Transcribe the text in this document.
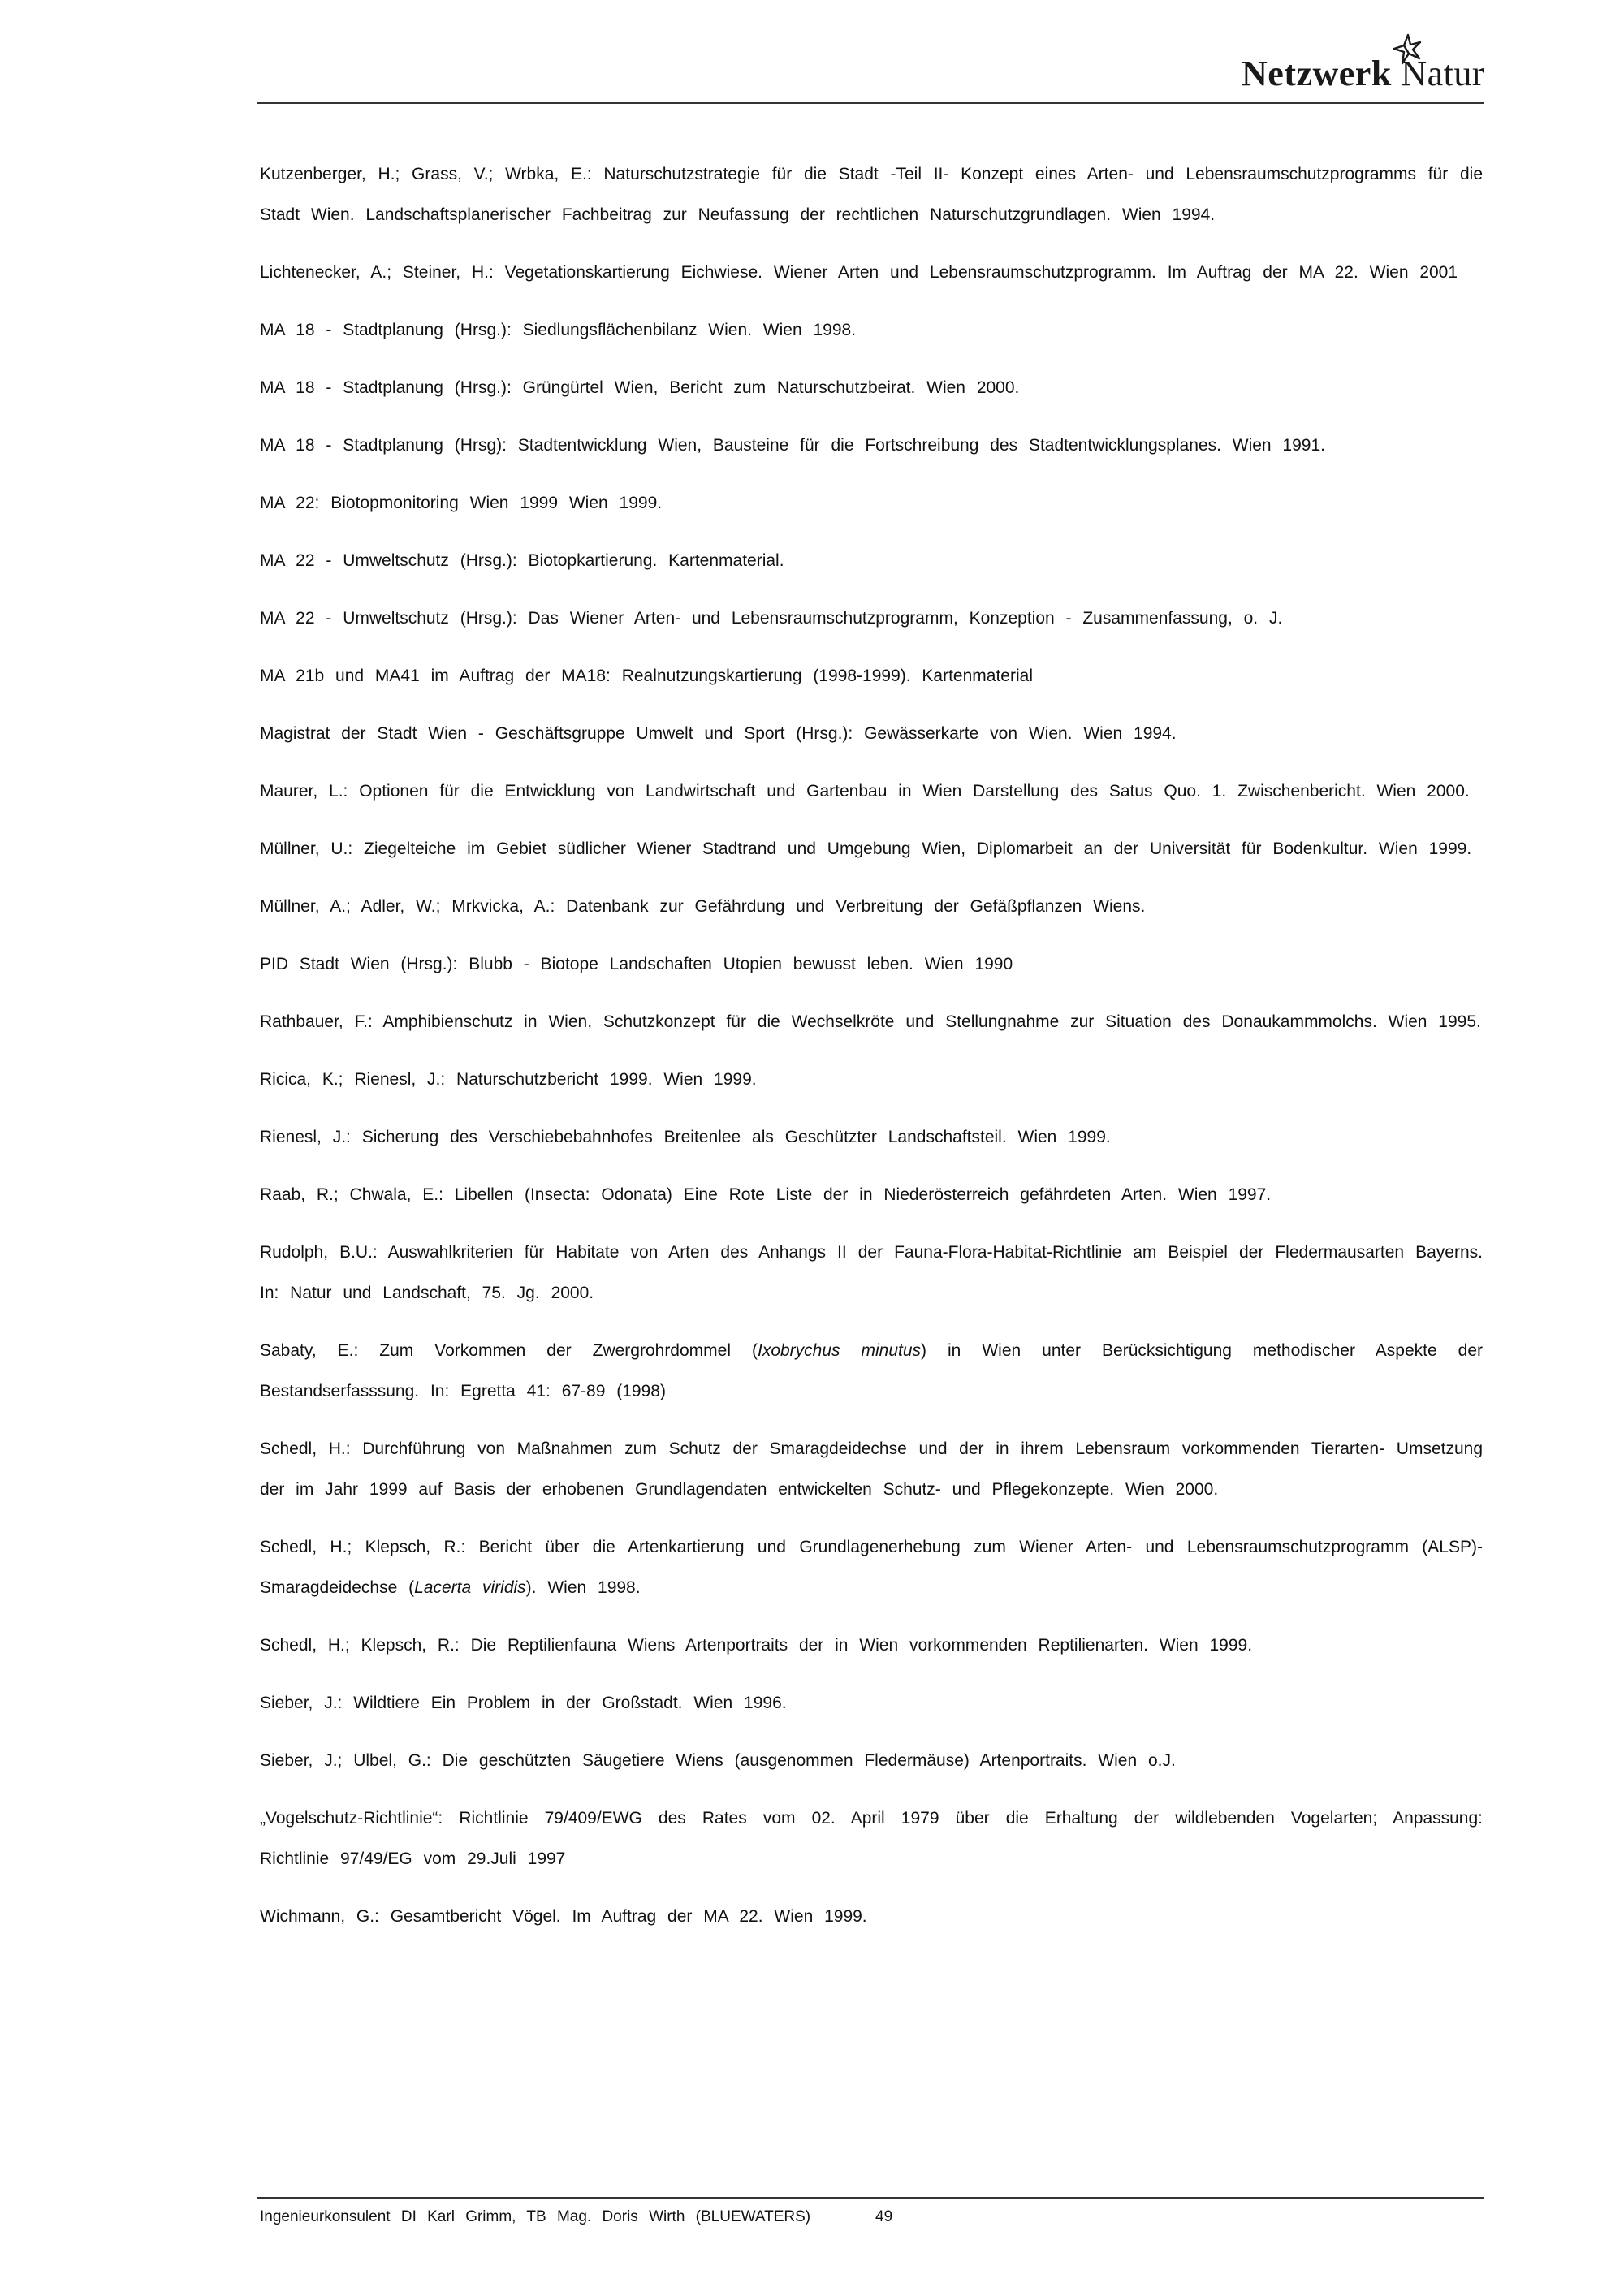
Netzwerk Natur
Kutzenberger, H.; Grass, V.; Wrbka, E.: Naturschutzstrategie für die Stadt -Teil II- Konzept eines Arten- und Lebensraumschutzprogramms für die Stadt Wien. Landschaftsplanerischer Fachbeitrag zur Neufassung der rechtlichen Naturschutzgrundlagen. Wien 1994.
Lichtenecker, A.; Steiner, H.: Vegetationskartierung Eichwiese. Wiener Arten und Lebensraumschutzprogramm. Im Auftrag der MA 22. Wien 2001
MA 18 - Stadtplanung (Hrsg.): Siedlungsflächenbilanz Wien. Wien 1998.
MA 18 - Stadtplanung (Hrsg.): Grüngürtel Wien, Bericht zum Naturschutzbeirat. Wien 2000.
MA 18 - Stadtplanung (Hrsg): Stadtentwicklung Wien, Bausteine für die Fortschreibung des Stadtentwicklungsplanes. Wien 1991.
MA 22: Biotopmonitoring Wien 1999 Wien 1999.
MA 22 - Umweltschutz (Hrsg.): Biotopkartierung. Kartenmaterial.
MA 22 - Umweltschutz (Hrsg.): Das Wiener Arten- und Lebensraumschutzprogramm, Konzeption - Zusammenfassung, o. J.
MA 21b und MA41 im Auftrag der MA18: Realnutzungskartierung (1998-1999). Kartenmaterial
Magistrat der Stadt Wien - Geschäftsgruppe Umwelt und Sport (Hrsg.): Gewässerkarte von Wien. Wien 1994.
Maurer, L.: Optionen für die Entwicklung von Landwirtschaft und Gartenbau in Wien Darstellung des Satus Quo. 1. Zwischenbericht. Wien 2000.
Müllner, U.: Ziegelteiche im Gebiet südlicher Wiener Stadtrand und Umgebung Wien, Diplomarbeit an der Universität für Bodenkultur. Wien 1999.
Müllner, A.; Adler, W.; Mrkvicka, A.: Datenbank zur Gefährdung und Verbreitung der Gefäßpflanzen Wiens.
PID Stadt Wien (Hrsg.): Blubb - Biotope Landschaften Utopien bewusst leben. Wien 1990
Rathbauer, F.: Amphibienschutz in Wien, Schutzkonzept für die Wechselkröte und Stellungnahme zur Situation des Donaukammmolchs. Wien 1995.
Ricica, K.; Rienesl, J.: Naturschutzbericht 1999. Wien 1999.
Rienesl, J.: Sicherung des Verschiebebahnhofes Breitenlee als Geschützter Landschaftsteil. Wien 1999.
Raab, R.; Chwala, E.: Libellen (Insecta: Odonata) Eine Rote Liste der in Niederösterreich gefährdeten Arten. Wien 1997.
Rudolph, B.U.: Auswahlkriterien für Habitate von Arten des Anhangs II der Fauna-Flora-Habitat-Richtlinie am Beispiel der Fledermausarten Bayerns. In: Natur und Landschaft, 75. Jg. 2000.
Sabaty, E.: Zum Vorkommen der Zwergrohrdommel (Ixobrychus minutus) in Wien unter Berücksichtigung methodischer Aspekte der Bestandserfasssung. In: Egretta 41: 67-89 (1998)
Schedl, H.: Durchführung von Maßnahmen zum Schutz der Smaragdeidechse und der in ihrem Lebensraum vorkommenden Tierarten- Umsetzung der im Jahr 1999 auf Basis der erhobenen Grundlagendaten entwickelten Schutz- und Pflegekonzepte. Wien 2000.
Schedl, H.; Klepsch, R.: Bericht über die Artenkartierung und Grundlagenerhebung zum Wiener Arten- und Lebensraumschutzprogramm (ALSP)- Smaragdeidechse (Lacerta viridis). Wien 1998.
Schedl, H.; Klepsch, R.: Die Reptilienfauna Wiens Artenportraits der in Wien vorkommenden Reptilienarten. Wien 1999.
Sieber, J.: Wildtiere Ein Problem in der Großstadt. Wien 1996.
Sieber, J.; Ulbel, G.: Die geschützten Säugetiere Wiens (ausgenommen Fledermäuse) Artenportraits. Wien o.J.
„Vogelschutz-Richtlinie“: Richtlinie 79/409/EWG des Rates vom 02. April 1979 über die Erhaltung der wildlebenden Vogelarten; Anpassung: Richtlinie 97/49/EG vom 29.Juli 1997
Wichmann, G.: Gesamtbericht Vögel. Im Auftrag der MA 22. Wien 1999.
Ingenieurkonsulent DI Karl Grimm, TB Mag. Doris Wirth (BLUEWATERS)	49
